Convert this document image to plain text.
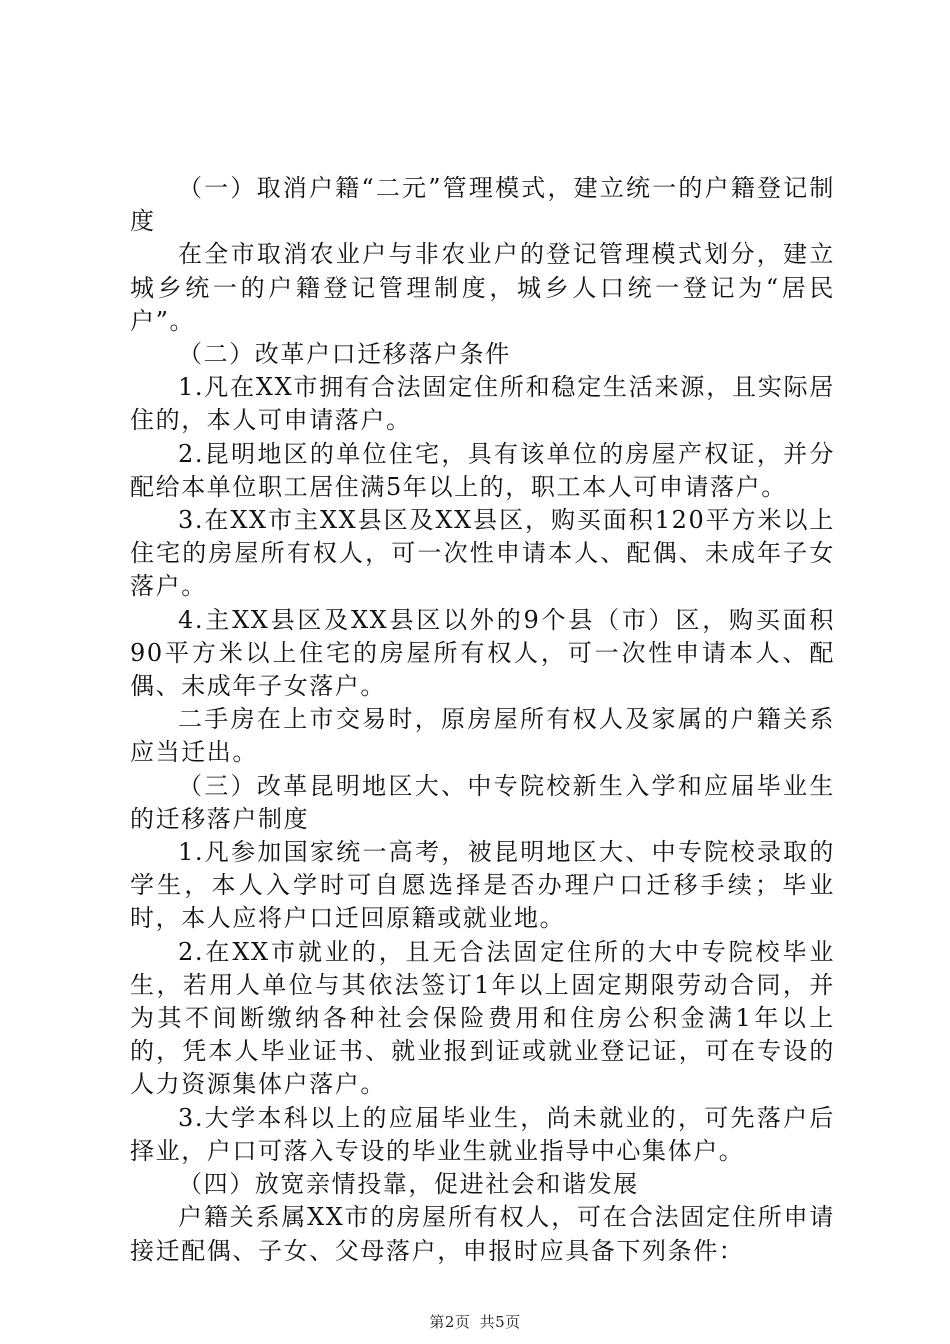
（一）取消户籍“二元”管理模式，建立统一的户籍登记制度

在全市取消农业户与非农业户的登记管理模式划分，建立城乡统一的户籍登记管理制度，城乡人口统一登记为“居民户”。

（二）改革户口迁移落户条件

1.凡在XX市拥有合法固定住所和稳定生活来源，且实际居住的，本人可申请落户。

2.昆明地区的单位住宅，具有该单位的房屋产权证，并分配给本单位职工居住满5年以上的，职工本人可申请落户。

3.在XX市主XX县区及XX县区，购买面积120平方米以上住宅的房屋所有权人，可一次性申请本人、配偶、未成年子女落户。

4.主XX县区及XX县区以外的9个县（市）区，购买面积90平方米以上住宅的房屋所有权人，可一次性申请本人、配偶、未成年子女落户。

二手房在上市交易时，原房屋所有权人及家属的户籍关系应当迁出。

（三）改革昆明地区大、中专院校新生入学和应届毕业生的迁移落户制度

1.凡参加国家统一高考，被昆明地区大、中专院校录取的学生，本人入学时可自愿选择是否办理户口迁移手续；毕业时，本人应将户口迁回原籍或就业地。

2.在XX市就业的，且无合法固定住所的大中专院校毕业生，若用人单位与其依法签订1年以上固定期限劳动合同，并为其不间断缴纳各种社会保险费用和住房公积金满1年以上的，凭本人毕业证书、就业报到证或就业登记证，可在专设的人力资源集体户落户。

3.大学本科以上的应届毕业生，尚未就业的，可先落户后择业，户口可落入专设的毕业生就业指导中心集体户。

（四）放宽亲情投靠，促进社会和谐发展

户籍关系属XX市的房屋所有权人，可在合法固定住所申请接迁配偶、子女、父母落户，申报时应具备下列条件：

第2页 共5页
